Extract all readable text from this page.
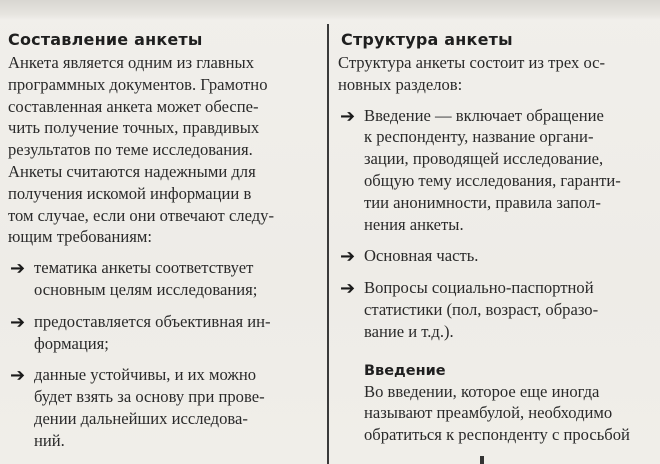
Составление анкеты
Анкета является одним из главных
программных документов. Грамотно
составленная анкета может обеспе-
чить получение точных, правдивых
результатов по теме исследования.
Анкеты считаются надежными для
получения искомой информации в
том случае, если они отвечают следу-
ющим требованиям:
➔ тематика анкеты соответствует
основным целям исследования;
➔ предоставляется объективная ин-
формация;
➔ данные устойчивы, и их можно
будет взять за основу при прове-
дении дальнейших исследова-
ний.
Структура анкеты
Структура анкеты состоит из трех ос-
новных разделов:
➔ Введение — включает обращение
к респонденту, название органи-
зации, проводящей исследование,
общую тему исследования, гаранти-
тии анонимности, правила запол-
нения анкеты.
➔ Основная часть.
➔ Вопросы социально-паспортной
статистики (пол, возраст, образо-
вание и т.д.).
Введение
Во введении, которое еще иногда
называют преамбулой, необходимо
обратиться к респонденту с просьбой
